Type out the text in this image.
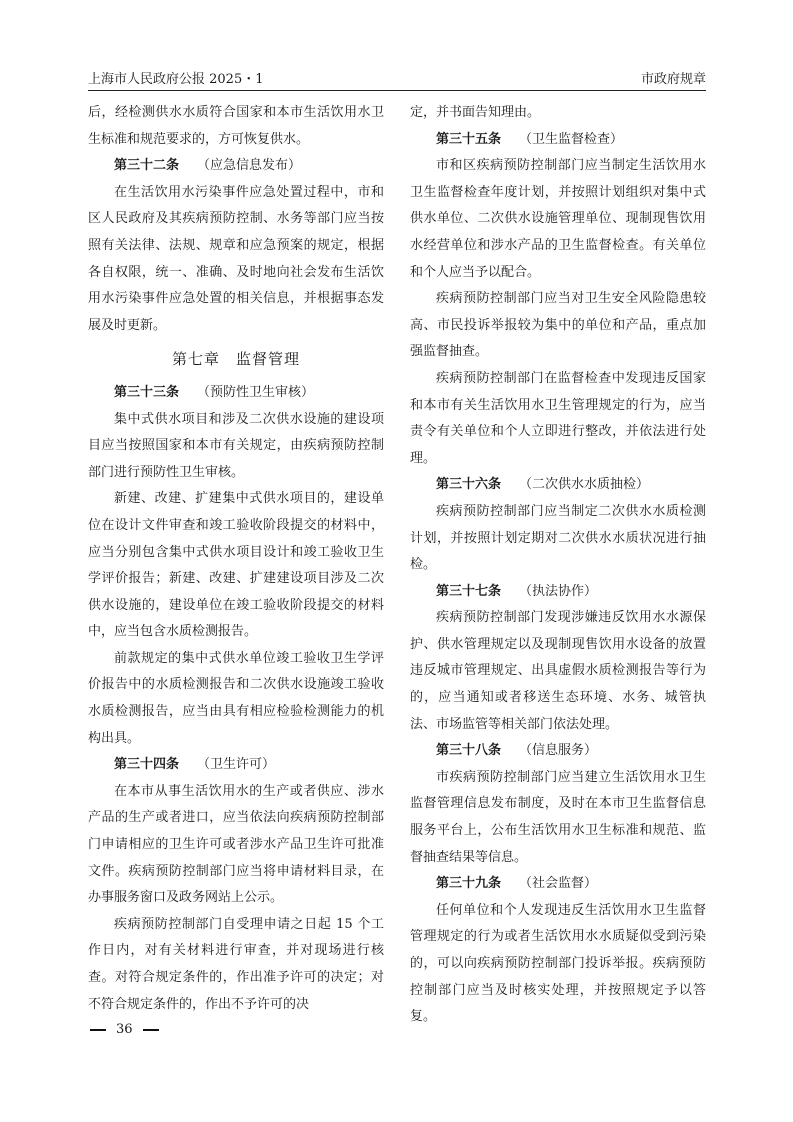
上海市人民政府公报 2025・1	市政府规章

后，经检测供水水质符合国家和本市生活饮用水卫生标准和规范要求的，方可恢复供水。

第三十二条 （应急信息发布）

在生活饮用水污染事件应急处置过程中，市和区人民政府及其疾病预防控制、水务等部门应当按照有关法律、法规、规章和应急预案的规定，根据各自权限，统一、准确、及时地向社会发布生活饮用水污染事件应急处置的相关信息，并根据事态发展及时更新。

第七章　监督管理

第三十三条 （预防性卫生审核）

集中式供水项目和涉及二次供水设施的建设项目应当按照国家和本市有关规定，由疾病预防控制部门进行预防性卫生审核。

新建、改建、扩建集中式供水项目的，建设单位在设计文件审查和竣工验收阶段提交的材料中，应当分别包含集中式供水项目设计和竣工验收卫生学评价报告；新建、改建、扩建建设项目涉及二次供水设施的，建设单位在竣工验收阶段提交的材料中，应当包含水质检测报告。

前款规定的集中式供水单位竣工验收卫生学评价报告中的水质检测报告和二次供水设施竣工验收水质检测报告，应当由具有相应检验检测能力的机构出具。

第三十四条 （卫生许可）

在本市从事生活饮用水的生产或者供应、涉水产品的生产或者进口，应当依法向疾病预防控制部门申请相应的卫生许可或者涉水产品卫生许可批准文件。疾病预防控制部门应当将申请材料目录，在办事服务窗口及政务网站上公示。

疾病预防控制部门自受理申请之日起 15 个工作日内，对有关材料进行审查，并对现场进行核查。对符合规定条件的，作出准予许可的决定；对不符合规定条件的，作出不予许可的决

定，并书面告知理由。

第三十五条 （卫生监督检查）

市和区疾病预防控制部门应当制定生活饮用水卫生监督检查年度计划，并按照计划组织对集中式供水单位、二次供水设施管理单位、现制现售饮用水经营单位和涉水产品的卫生监督检查。有关单位和个人应当予以配合。

疾病预防控制部门应当对卫生安全风险隐患较高、市民投诉举报较为集中的单位和产品，重点加强监督抽查。

疾病预防控制部门在监督检查中发现违反国家和本市有关生活饮用水卫生管理规定的行为，应当责令有关单位和个人立即进行整改，并依法进行处理。

第三十六条 （二次供水水质抽检）

疾病预防控制部门应当制定二次供水水质检测计划，并按照计划定期对二次供水水质状况进行抽检。

第三十七条 （执法协作）

疾病预防控制部门发现涉嫌违反饮用水水源保护、供水管理规定以及现制现售饮用水设备的放置违反城市管理规定、出具虚假水质检测报告等行为的，应当通知或者移送生态环境、水务、城管执法、市场监管等相关部门依法处理。

第三十八条 （信息服务）

市疾病预防控制部门应当建立生活饮用水卫生监督管理信息发布制度，及时在本市卫生监督信息服务平台上，公布生活饮用水卫生标准和规范、监督抽查结果等信息。

第三十九条 （社会监督）

任何单位和个人发现违反生活饮用水卫生监督管理规定的行为或者生活饮用水水质疑似受到污染的，可以向疾病预防控制部门投诉举报。疾病预防控制部门应当及时核实处理，并按照规定予以答复。

36
